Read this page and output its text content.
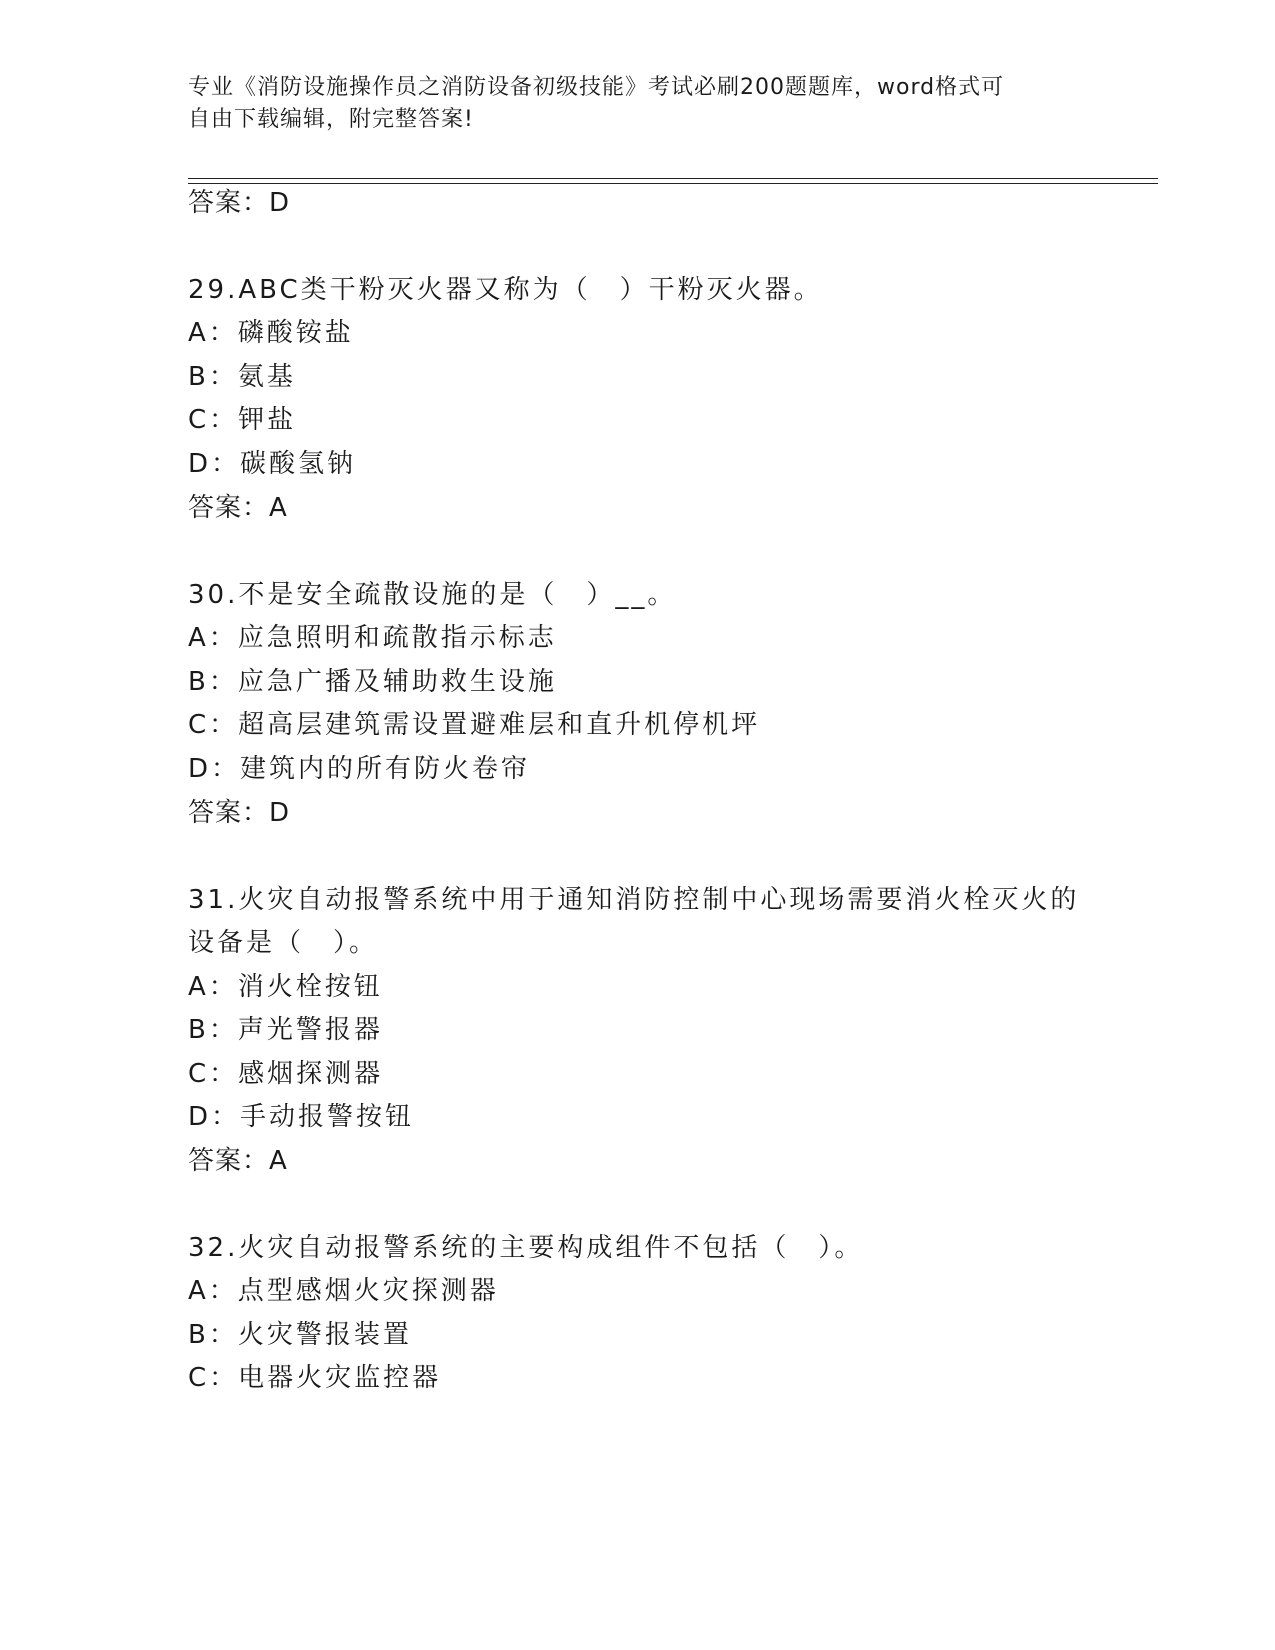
专业《消防设施操作员之消防设备初级技能》考试必刷200题题库，word格式可
自由下载编辑，附完整答案!
答案：D
29.ABC类干粉灭火器又称为（　）干粉灭火器。
A：磷酸铵盐
B：氨基
C：钾盐
D：碳酸氢钠
答案：A
30.不是安全疏散设施的是（　）__。
A：应急照明和疏散指示标志
B：应急广播及辅助救生设施
C：超高层建筑需设置避难层和直升机停机坪
D：建筑内的所有防火卷帘
答案：D
31.火灾自动报警系统中用于通知消防控制中心现场需要消火栓灭火的
设备是（　）。
A：消火栓按钮
B：声光警报器
C：感烟探测器
D：手动报警按钮
答案：A
32.火灾自动报警系统的主要构成组件不包括（　）。
A：点型感烟火灾探测器
B：火灾警报装置
C：电器火灾监控器
